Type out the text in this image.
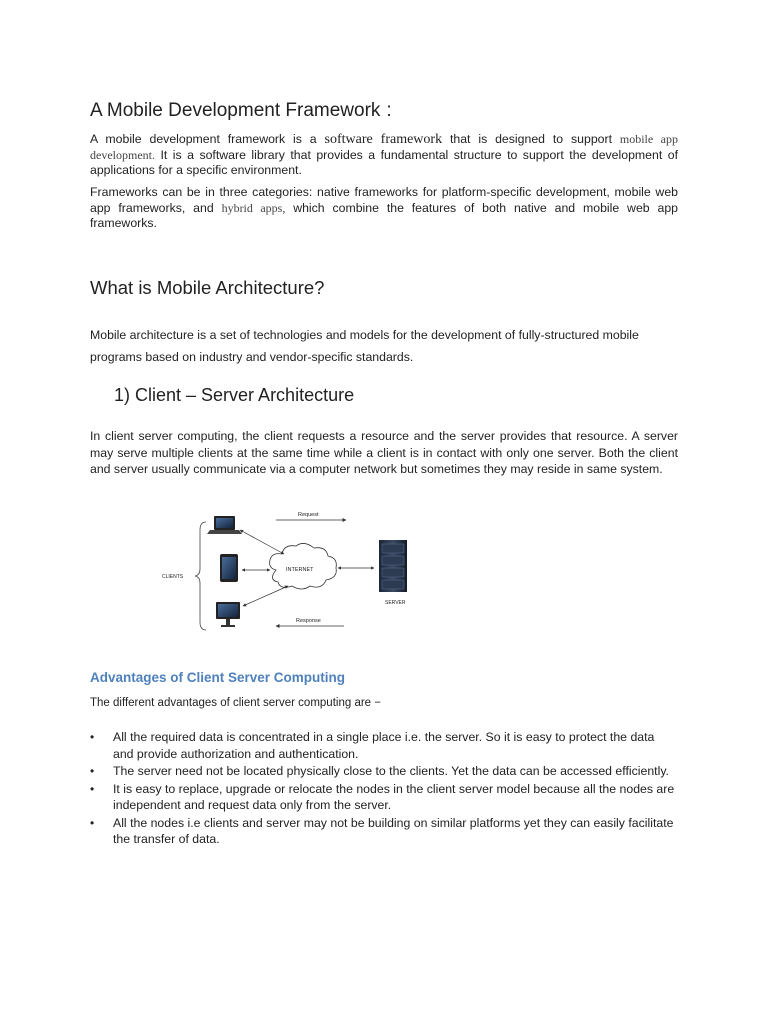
A Mobile Development Framework :

A mobile development framework is a software framework that is designed to support mobile app development. It is a software library that provides a fundamental structure to support the development of applications for a specific environment.

Frameworks can be in three categories: native frameworks for platform-specific development, mobile web app frameworks, and hybrid apps, which combine the features of both native and mobile web app frameworks.

What is Mobile Architecture?

Mobile architecture is a set of technologies and models for the development of fully-structured mobile programs based on industry and vendor-specific standards.

1) Client – Server Architecture

In client server computing, the client requests a resource and the server provides that resource. A server may serve multiple clients at the same time while a client is in contact with only one server. Both the client and server usually communicate via a computer network but sometimes they may reside in same system.

Request
CLIENTS
INTERNET
SERVER
Response
Advantages of Client Server Computing
The different advantages of client server computing are −
• All the required data is concentrated in a single place i.e. the server. So it is easy to protect the data and provide authorization and authentication.
• The server need not be located physically close to the clients. Yet the data can be accessed efficiently.
• It is easy to replace, upgrade or relocate the nodes in the client server model because all the nodes are independent and request data only from the server.
• All the nodes i.e clients and server may not be building on similar platforms yet they can easily facilitate the transfer of data.
